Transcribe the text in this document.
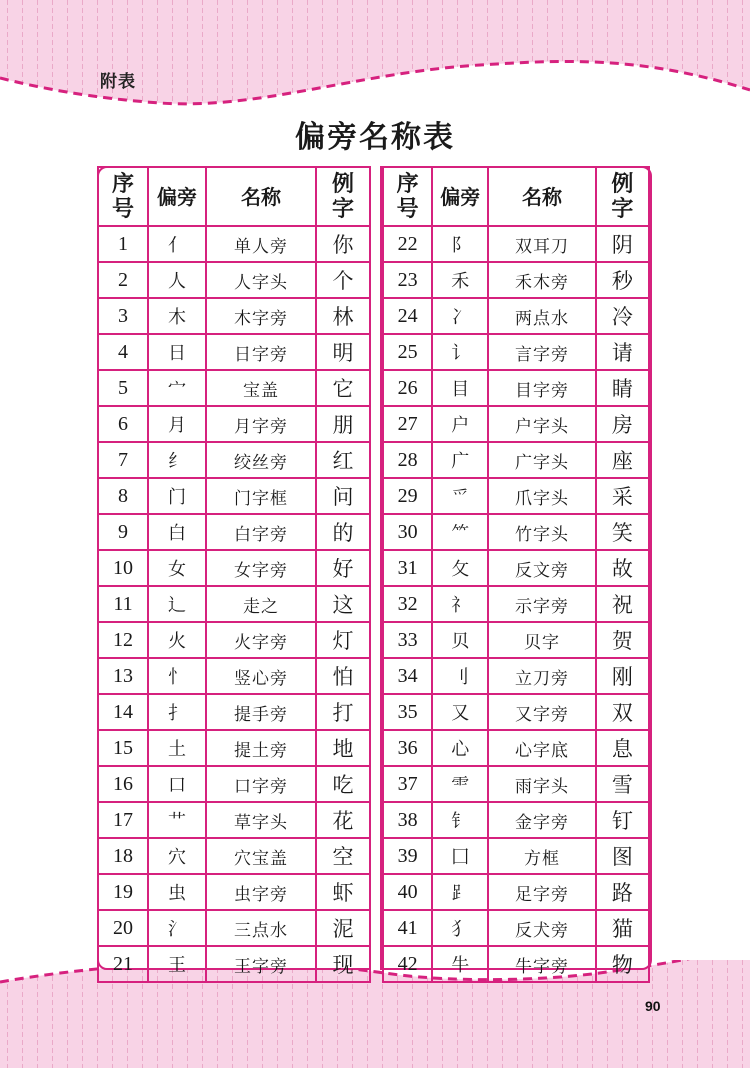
附表
偏旁名称表
90
序
号	偏旁	名称	例
字
1	亻	单人旁	你
2	人	人字头	个
3	木	木字旁	林
4	日	日字旁	明
5	宀	宝盖	它
6	月	月字旁	朋
7	纟	绞丝旁	红
8	门	门字框	问
9	白	白字旁	的
10	女	女字旁	好
11	辶	走之	这
12	火	火字旁	灯
13	忄	竖心旁	怕
14	扌	提手旁	打
15	土	提土旁	地
16	口	口字旁	吃
17	艹	草字头	花
18	穴	穴宝盖	空
19	虫	虫字旁	虾
20	氵	三点水	泥
21	王	王字旁	现
序
号	偏旁	名称	例
字
22	阝	双耳刀	阴
23	禾	禾木旁	秒
24	冫	两点水	冷
25	讠	言字旁	请
26	目	目字旁	睛
27	户	户字头	房
28	广	广字头	座
29	爫	爪字头	采
30	⺮	竹字头	笑
31	攵	反文旁	故
32	礻	示字旁	祝
33	贝	贝字	贺
34	刂	立刀旁	刚
35	又	又字旁	双
36	心	心字底	息
37	⻗	雨字头	雪
38	钅	金字旁	钉
39	囗	方框	图
40	⻊	足字旁	路
41	犭	反犬旁	猫
42	牛	牛字旁	物
